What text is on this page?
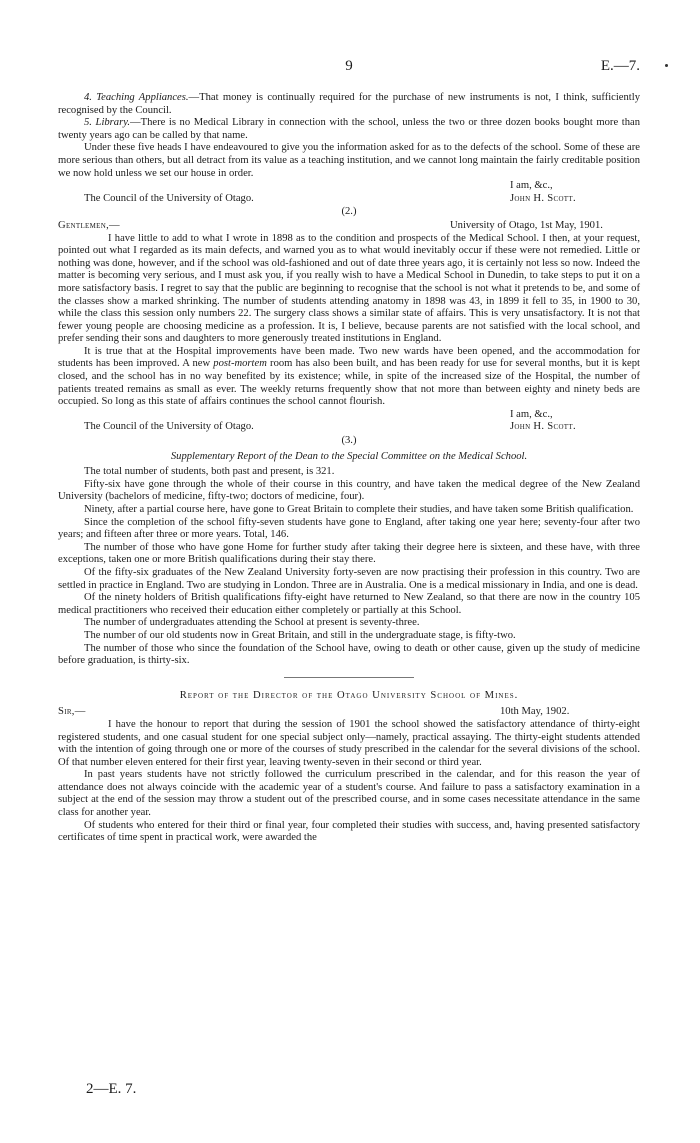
9	E.—7.

4. Teaching Appliances.—That money is continually required for the purchase of new instruments is not, I think, sufficiently recognised by the Council.

5. Library.—There is no Medical Library in connection with the school, unless the two or three dozen books bought more than twenty years ago can be called by that name.

Under these five heads I have endeavoured to give you the information asked for as to the defects of the school. Some of these are more serious than others, but all detract from its value as a teaching institution, and we cannot long maintain the fairly creditable position we now hold unless we set our house in order.

I am, &c.,
The Council of the University of Otago.	John H. Scott.
(2.)
Gentlemen,—	University of Otago, 1st May, 1901.

I have little to add to what I wrote in 1898 as to the condition and prospects of the Medical School. I then, at your request, pointed out what I regarded as its main defects, and warned you as to what would inevitably occur if these were not remedied. Little or nothing was done, however, and if the school was old-fashioned and out of date three years ago, it is certainly not less so now. Indeed the matter is becoming very serious, and I must ask you, if you really wish to have a Medical School in Dunedin, to take steps to put it on a more satisfactory basis. I regret to say that the public are beginning to recognise that the school is not what it pretends to be, and some of the classes show a marked shrinking. The number of students attending anatomy in 1898 was 43, in 1899 it fell to 35, in 1900 to 30, while the class this session only numbers 22. The surgery class shows a similar state of affairs. This is very unsatisfactory. It is not that fewer young people are choosing medicine as a profession. It is, I believe, because parents are not satisfied with the local school, and prefer sending their sons and daughters to more generously treated institutions in England.

It is true that at the Hospital improvements have been made. Two new wards have been opened, and the accommodation for students has been improved. A new post-mortem room has also been built, and has been ready for use for several months, but it is kept closed, and the school has in no way benefited by its existence; while, in spite of the increased size of the Hospital, the number of patients treated remains as small as ever. The weekly returns frequently show that not more than between eighty and ninety beds are occupied. So long as this state of affairs continues the school cannot flourish.

I am, &c.,
The Council of the University of Otago.	John H. Scott.
(3.)
Supplementary Report of the Dean to the Special Committee on the Medical School.

The total number of students, both past and present, is 321.

Fifty-six have gone through the whole of their course in this country, and have taken the medical degree of the New Zealand University (bachelors of medicine, fifty-two; doctors of medicine, four).

Ninety, after a partial course here, have gone to Great Britain to complete their studies, and have taken some British qualification.

Since the completion of the school fifty-seven students have gone to England, after taking one year here; seventy-four after two years; and fifteen after three or more years. Total, 146.

The number of those who have gone Home for further study after taking their degree here is sixteen, and these have, with three exceptions, taken one or more British qualifications during their stay there.

Of the fifty-six graduates of the New Zealand University forty-seven are now practising their profession in this country. Two are settled in practice in England. Two are studying in London. Three are in Australia. One is a medical missionary in India, and one is dead.

Of the ninety holders of British qualifications fifty-eight have returned to New Zealand, so that there are now in the country 105 medical practitioners who received their education either completely or partially at this School.

The number of undergraduates attending the School at present is seventy-three.

The number of our old students now in Great Britain, and still in the undergraduate stage, is fifty-two.

The number of those who since the foundation of the School have, owing to death or other cause, given up the study of medicine before graduation, is thirty-six.

Report of the Director of the Otago University School of Mines.
Sir,—	10th May, 1902.

I have the honour to report that during the session of 1901 the school showed the satisfactory attendance of thirty-eight registered students, and one casual student for one special subject only—namely, practical assaying. The thirty-eight students attended with the intention of going through one or more of the courses of study prescribed in the calendar for the several divisions of the school. Of that number eleven entered for their first year, leaving twenty-seven in their second or third year.

In past years students have not strictly followed the curriculum prescribed in the calendar, and for this reason the year of attendance does not always coincide with the academic year of a student's course. And failure to pass a satisfactory examination in a subject at the end of the session may throw a student out of the prescribed course, and in some cases necessitate attendance in the same class for another year.

Of students who entered for their third or final year, four completed their studies with success, and, having presented satisfactory certificates of time spent in practical work, were awarded the

2—E. 7.
